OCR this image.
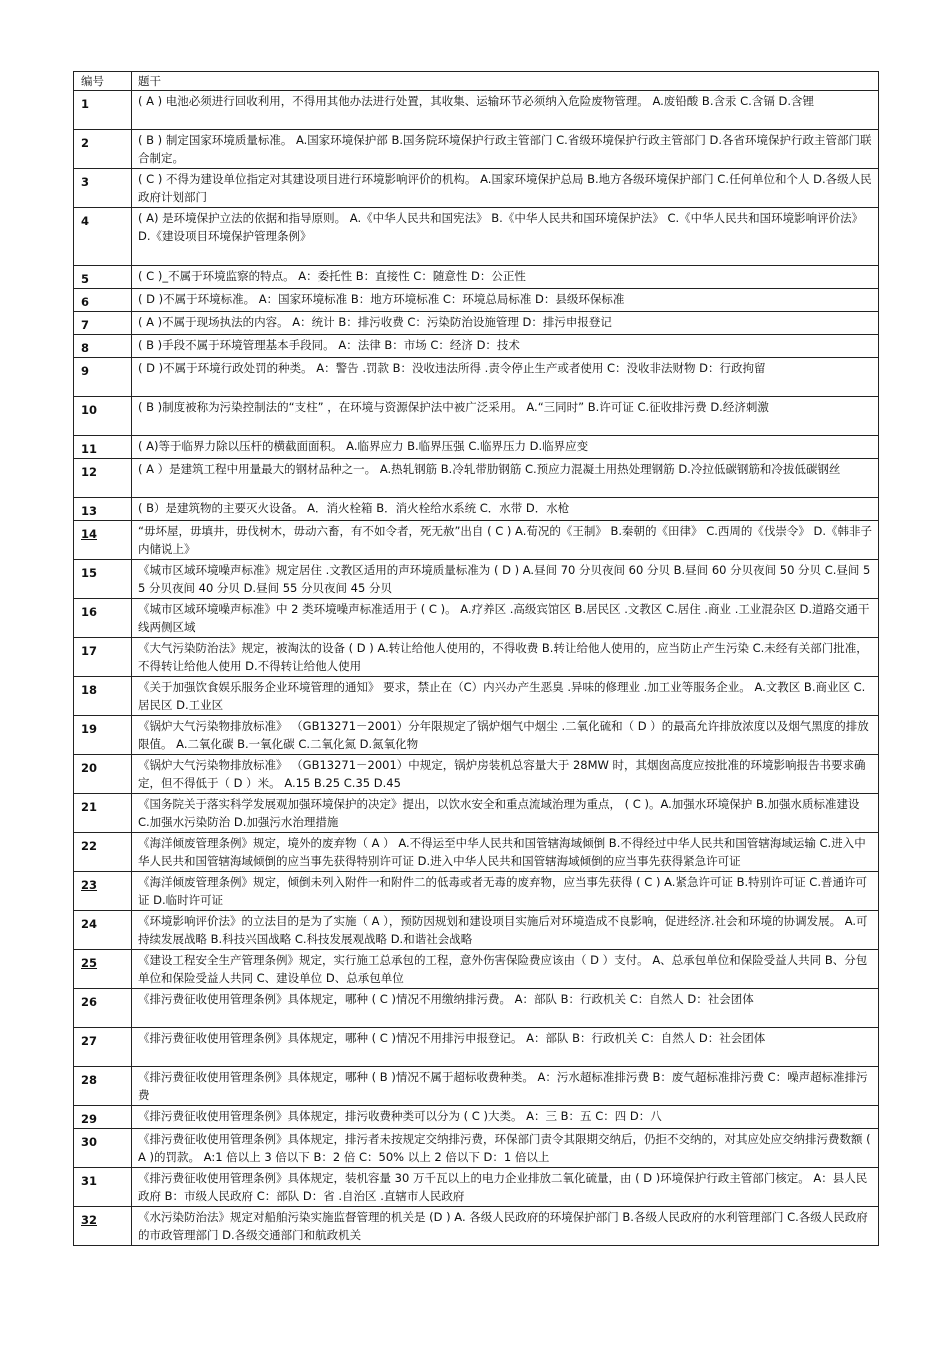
编号	题干
1	( A ) 电池必须进行回收利用，不得用其他办法进行处置，其收集、运输环节必须纳入危险废物管理。 A.废铅酸 B.含汞 C.含镉 D.含锂
2	( B ) 制定国家环境质量标准。 A.国家环境保护部 B.国务院环境保护行政主管部门 C.省级环境保护行政主管部门 D.各省环境保护行政主管部门联合制定。
3	( C ) 不得为建设单位指定对其建设项目进行环境影响评价的机构。 A.国家环境保护总局 B.地方各级环境保护部门 C.任何单位和个人 D.各级人民政府计划部门
4	( A) 是环境保护立法的依据和指导原则。 A.《中华人民共和国宪法》 B.《中华人民共和国环境保护法》 C.《中华人民共和国环境影响评价法》 D.《建设项目环境保护管理条例》
5	( C )_不属于环境监察的特点。 A：委托性 B：直接性 C：随意性 D：公正性
6	( D )不属于环境标准。 A：国家环境标准 B：地方环境标准 C：环境总局标准 D：县级环保标准
7	( A )不属于现场执法的内容。 A：统计 B：排污收费 C：污染防治设施管理 D：排污申报登记
8	( B )手段不属于环境管理基本手段同。 A：法律 B：市场 C：经济 D：技术
9	( D )不属于环境行政处罚的种类。 A：警告 .罚款 B：没收违法所得 .责令停止生产或者使用 C：没收非法财物 D：行政拘留
10	( B )制度被称为污染控制法的“支柱” ，在环境与资源保护法中被广泛采用。 A.“三同时” B.许可证 C.征收排污费 D.经济刺激
11	( A)等于临界力除以压杆的横截面面积。 A.临界应力 B.临界压强 C.临界压力 D.临界应变
12	( A ）是建筑工程中用量最大的钢材品种之一。 A.热轧钢筋 B.冷轧带肋钢筋 C.预应力混凝土用热处理钢筋 D.冷拉低碳钢筋和冷拔低碳钢丝
13	( B）是建筑物的主要灭火设备。 A．消火栓箱 B．消火栓给水系统 C．水带 D．水枪
14	“毋坏屋，毋填井，毋伐树木，毋动六畜，有不如令者，死无赦”出自 ( C ) A.荀况的《王制》 B.秦朝的《田律》 C.西周的《伐崇令》 D.《韩非子内储说上》
15	《城市区域环境噪声标准》规定居住 .文教区适用的声环境质量标准为 ( D ) A.昼间 70 分贝夜间 60 分贝 B.昼间 60 分贝夜间 50 分贝 C.昼间 55 分贝夜间 40 分贝 D.昼间 55 分贝夜间 45 分贝
16	《城市区域环境噪声标准》中 2 类环境噪声标准适用于 ( C )。 A.疗养区 .高级宾馆区 B.居民区 .文教区 C.居住 .商业 .工业混杂区 D.道路交通干线两侧区域
17	《大气污染防治法》规定，被淘汰的设备 ( D ) A.转让给他人使用的，不得收费 B.转让给他人使用的，应当防止产生污染 C.未经有关部门批准，不得转让给他人使用 D.不得转让给他人使用
18	《关于加强饮食娱乐服务企业环境管理的通知》 要求，禁止在（C）内兴办产生恶臭 .异味的修理业 .加工业等服务企业。 A.文教区 B.商业区 C.居民区 D.工业区
19	《锅炉大气污染物排放标准》 （GB13271－2001）分年限规定了锅炉烟气中烟尘 .二氧化硫和（ D ）的最高允许排放浓度以及烟气黑度的排放限值。 A.二氧化碳 B.一氧化碳 C.二氧化氮 D.氮氧化物
20	《锅炉大气污染物排放标准》 （GB13271－2001）中规定，锅炉房装机总容量大于 28MW 时，其烟囱高度应按批准的环境影响报告书要求确定，但不得低于（ D ）米。 A.15 B.25 C.35 D.45
21	《国务院关于落实科学发展观加强环境保护的决定》提出，以饮水安全和重点流域治理为重点， ( C )。A.加强水环境保护 B.加强水质标准建设 C.加强水污染防治 D.加强污水治理措施
22	《海洋倾废管理条例》规定，境外的废弃物（ A ） A.不得运至中华人民共和国管辖海域倾倒 B.不得经过中华人民共和国管辖海域运输 C.进入中华人民共和国管辖海域倾倒的应当事先获得特别许可证 D.进入中华人民共和国管辖海域倾倒的应当事先获得紧急许可证
23	《海洋倾废管理条例》规定，倾倒未列入附件一和附件二的低毒或者无毒的废弃物，应当事先获得 ( C ) A.紧急许可证 B.特别许可证 C.普通许可证 D.临时许可证
24	《环境影响评价法》的立法目的是为了实施（ A ），预防因规划和建设项目实施后对环境造成不良影响，促进经济.社会和环境的协调发展。 A.可持续发展战略 B.科技兴国战略 C.科技发展观战略 D.和谐社会战略
25	《建设工程安全生产管理条例》规定，实行施工总承包的工程，意外伤害保险费应该由（ D ）支付。 A、总承包单位和保险受益人共同 B、分包单位和保险受益人共同 C、建设单位 D、总承包单位
26	《排污费征收使用管理条例》具体规定，哪种 ( C )情况不用缴纳排污费。 A：部队 B：行政机关 C：自然人 D：社会团体
27	《排污费征收使用管理条例》具体规定，哪种 ( C )情况不用排污申报登记。 A：部队 B：行政机关 C：自然人 D：社会团体
28	《排污费征收使用管理条例》具体规定，哪种 ( B )情况不属于超标收费种类。 A：污水超标准排污费 B：废气超标准排污费 C：噪声超标准排污费
29	《排污费征收使用管理条例》具体规定，排污收费种类可以分为 ( C )大类。 A：三 B：五 C：四 D：八
30	《排污费征收使用管理条例》具体规定，排污者未按规定交纳排污费，环保部门责令其限期交纳后，仍拒不交纳的，对其应处应交纳排污费数额 ( A )的罚款。 A:1 倍以上 3 倍以下 B：2 倍 C：50% 以上 2 倍以下 D：1 倍以上
31	《排污费征收使用管理条例》具体规定，装机容量 30 万千瓦以上的电力企业排放二氧化硫量，由 ( D )环境保护行政主管部门核定。 A：县人民政府 B：市级人民政府 C：部队 D：省 .自治区 .直辖市人民政府
32	《水污染防治法》规定对船舶污染实施监督管理的机关是 (D ) A. 各级人民政府的环境保护部门 B.各级人民政府的水利管理部门 C.各级人民政府的市政管理部门 D.各级交通部门和航政机关
